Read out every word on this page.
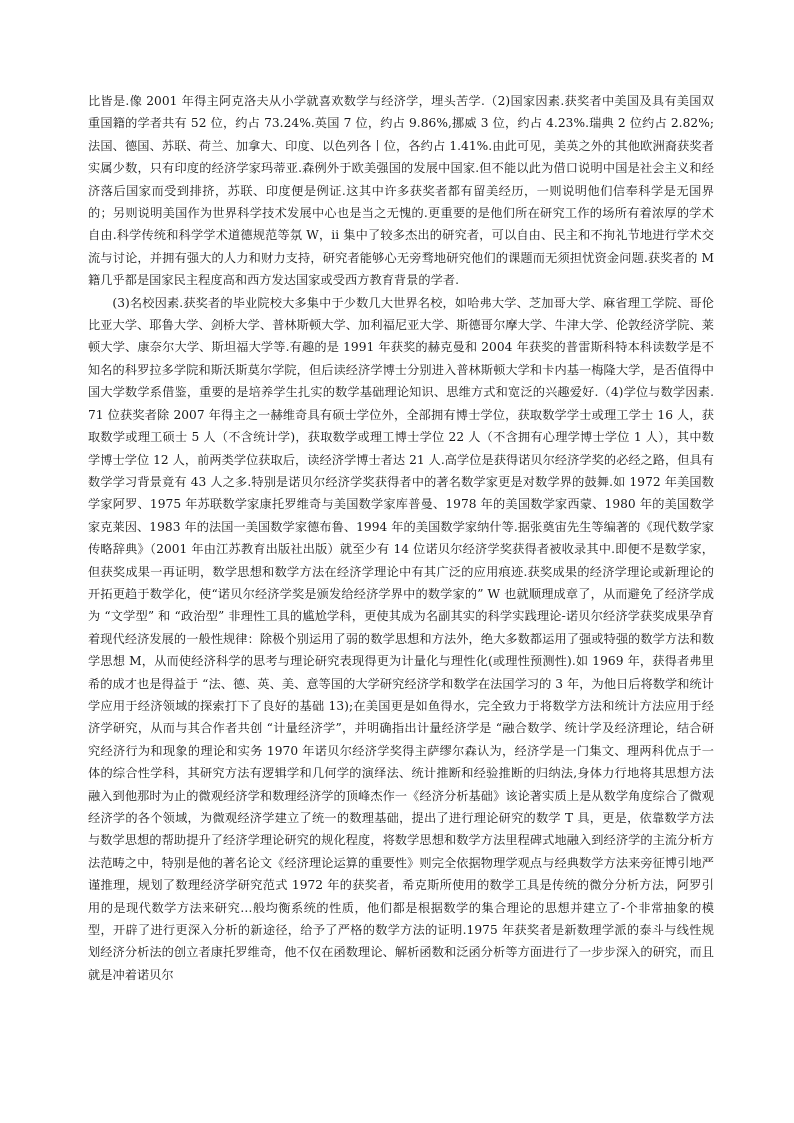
比皆是.像 2001 年得主阿克洛夫从小学就喜欢数学与经济学，埋头苦学.（2)国家因素.获奖者中美国及具有美国双重国籍的学者共有 52 位，约占 73.24%.英国 7 位，约占 9.86%,挪威 3 位，约占 4.23%.瑞典 2 位约占 2.82%;法国、德国、苏联、荷兰、加拿大、印度、以色列各丨位，各约占 1.41%.由此可见，美英之外的其他欧洲裔获奖者实属少数，只有印度的经济学家玛蒂亚.森例外于欧美强国的发展中国家.但不能以此为借口说明中国是社会主义和经济落后国家而受到排挤，苏联、印度便是例证.这其中许多获奖者都有留美经历，一则说明他们信奉科学是无国界的；另则说明美国作为世界科学技术发展中心也是当之无愧的.更重要的是他们所在研究工作的场所有着浓厚的学术自由.科学传统和科学学术道德规范等氛 W，ii 集中了较多杰出的研究者，可以自由、民主和不拘礼节地进行学术交流与讨论，并拥有强大的人力和财力支持，研究者能够心无旁骛地研究他们的课题而无须担忧资金问题.获奖者的 M 籍几乎都是国家民主程度高和西方发达国家或受西方教育背景的学者.

(3)名校因素.获奖者的毕业院校大多集中于少数几大世界名校，如哈弗大学、芝加哥大学、麻省理工学院、哥伦比亚大学、耶鲁大学、剑桥大学、普林斯顿大学、加利福尼亚大学、斯德哥尔摩大学、牛津大学、伦敦经济学院、莱顿大学、康奈尔大学、斯坦福大学等.有趣的是 1991 年获奖的赫克曼和 2004 年获奖的普雷斯科特本科读数学是不知名的科罗拉多学院和斯沃斯莫尔学院，但后读经济学博士分别进入普林斯顿大学和卡内基一梅隆大学，是否值得中国大学数学系借鉴，重要的是培养学生扎实的数学基础理论知识、思维方式和宽泛的兴趣爱好.（4)学位与数学因素.71 位获奖者除 2007 年得主之一赫维奇具有硕士学位外，全部拥有博士学位，获取数学学士或理工学士 16 人，获取数学或理工硕士 5 人（不含统计学)，获取数学或理工博士学位 22 人（不含拥有心理学博士学位 1 人），其中数学博士学位 12 人，前两类学位获取后，读经济学博士者达 21 人.高学位是获得诺贝尔经济学奖的必经之路，但具有数学学习背景竟有 43 人之多.特别是诺贝尔经济学奖获得者中的著名数学家更是对数学界的鼓舞.如 1972 年美国数学家阿罗、1975 年苏联数学家康托罗维奇与美国数学家库普曼、1978 年的美国数学家西蒙、1980 年的美国数学家克莱因、1983 年的法国一美国数学家德布鲁、1994 年的美国数学家纳什等.据张奠宙先生等编著的《现代数学家传略辞典》（2001 年由江苏教育出版社出版）就至少有 14 位诺贝尔经济学奖获得者被收录其中.即便不是数学家，但获奖成果一再证明，数学思想和数学方法在经济学理论中有其广泛的应用痕迹.获奖成果的经济学理论或新理论的开拓更趋于数学化，使“诺贝尔经济学奖是颁发给经济学界中的数学家的” W 也就顺理成章了，从而避免了经济学成为 “文学型” 和 “政治型” 非理性工具的尴尬学科，更使其成为名副其实的科学实践理论-诺贝尔经济学获奖成果孕育着现代经济发展的一般性规律：除极个别运用了弱的数学思想和方法外，绝大多数都运用了强或特强的数学方法和数学思想 M，从而使经济科学的思考与理论研究表现得更为计量化与理性化(或理性预测性).如 1969 年，获得者弗里希的成才也是得益于 “法、德、英、美、意等国的大学研究经济学和数学在法国学习的 3 年，为他日后将数学和统计学应用于经济领域的探索打下了良好的基础 13);在美国更是如鱼得水，完全致力于将数学方法和统计方法应用于经济学研究，从而与其合作者共创 “计量经济学”，并明确指出计量经济学是 “融合数学、统计学及经济理论，结合研究经济行为和现象的理论和实务 1970 年诺贝尔经济学奖得主萨缪尔森认为，经济学是一门集文、理两科优点于一体的综合性学科，其研究方法有逻辑学和几何学的演绎法、统计推断和经验推断的归纳法,身体力行地将其思想方法融入到他那时为止的微观经济学和数理经济学的顶峰杰作一《经济分析基础》该论著实质上是从数学角度综合了微观经济学的各个领域，为微观经济学建立了统一的数理基础，提出了进行理论研究的数学 T 具，更是，依靠数学方法与数学思想的帮助提升了经济学理论研究的规化程度，将数学思想和数学方法里程碑式地融入到经济学的主流分析方法范畴之中，特别是他的著名论文《经济理论运算的重要性》则完全依据物理学观点与经典数学方法来旁征博引地严谨推理，规划了数理经济学研究范式 1972 年的获奖者，希克斯所使用的数学工具是传统的微分分析方法，阿罗引用的是现代数学方法来研究…般均衡系统的性质，他们都是根据数学的集合理论的思想并建立了-个非常抽象的模型，开辟了进行更深入分析的新途径，给予了严格的数学方法的证明.1975 年获奖者是新数理学派的泰斗与线性规划经济分析法的创立者康托罗维奇，他不仅在函数理论、解析函数和泛函分析等方面进行了一步步深入的研究，而且就是冲着诺贝尔
